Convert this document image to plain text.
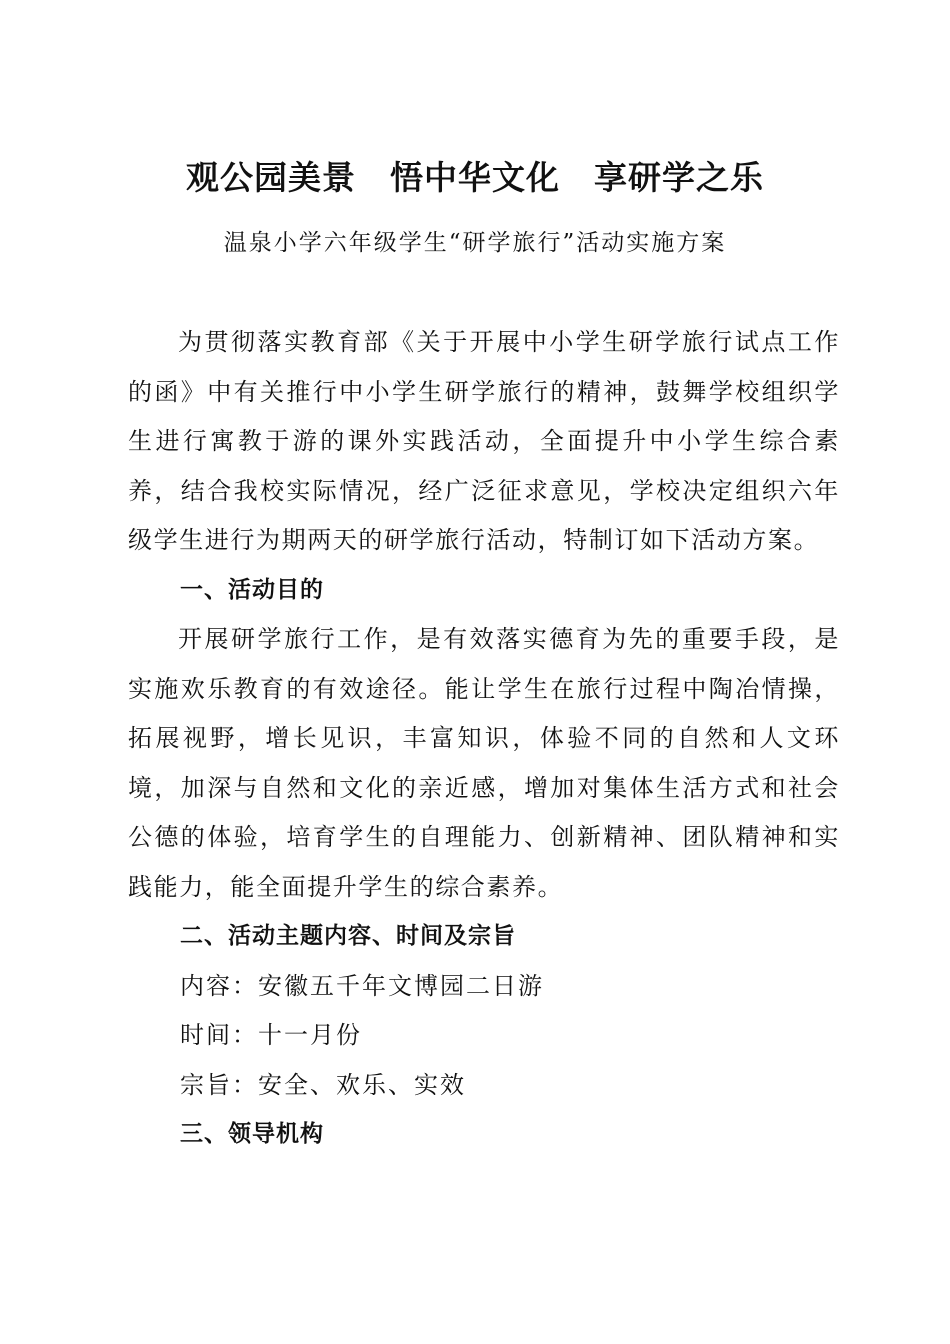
观公园美景　悟中华文化　享研学之乐

温泉小学六年级学生“研学旅行”活动实施方案

为贯彻落实教育部《关于开展中小学生研学旅行试点工作的函》中有关推行中小学生研学旅行的精神，鼓舞学校组织学生进行寓教于游的课外实践活动，全面提升中小学生综合素养，结合我校实际情况，经广泛征求意见，学校决定组织六年级学生进行为期两天的研学旅行活动，特制订如下活动方案。

一、活动目的

开展研学旅行工作，是有效落实德育为先的重要手段，是实施欢乐教育的有效途径。能让学生在旅行过程中陶冶情操，拓展视野，增长见识，丰富知识，体验不同的自然和人文环境，加深与自然和文化的亲近感，增加对集体生活方式和社会公德的体验，培育学生的自理能力、创新精神、团队精神和实践能力，能全面提升学生的综合素养。

二、活动主题内容、时间及宗旨

内容：安徽五千年文博园二日游

时间：十一月份

宗旨：安全、欢乐、实效

三、领导机构
